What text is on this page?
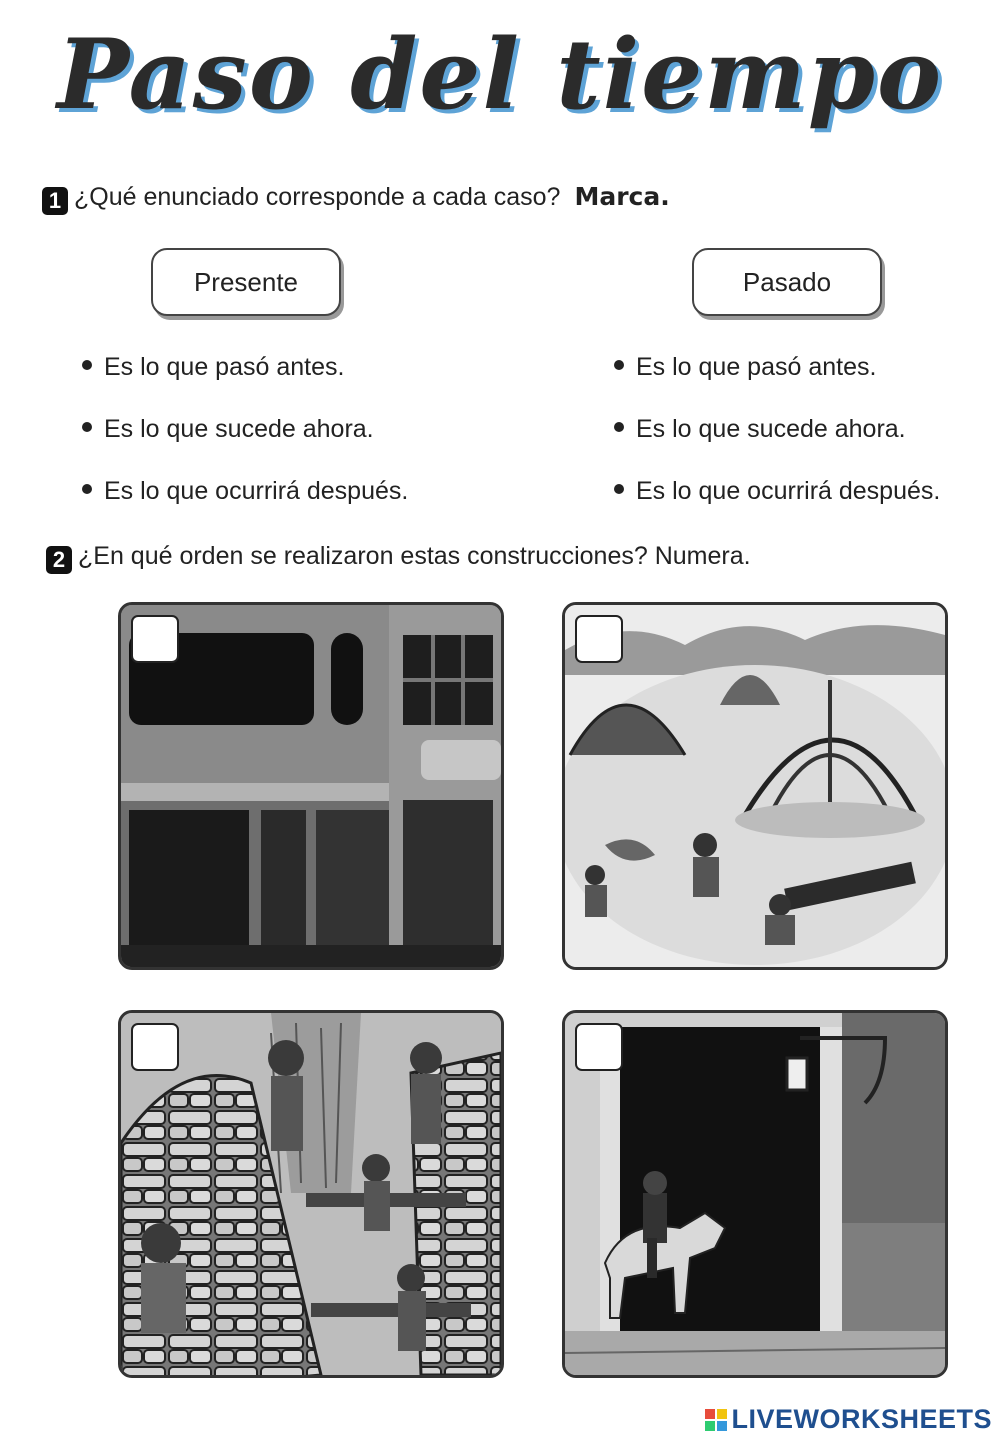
Paso del tiempo
1 ¿Qué enunciado corresponde a cada caso? Marca.
Presente	Pasado
Es lo que pasó antes.
Es lo que sucede ahora.
Es lo que ocurrirá después.
Es lo que pasó antes.
Es lo que sucede ahora.
Es lo que ocurrirá después.
2 ¿En qué orden se realizaron estas construcciones? Numera.
LIVEWORKSHEETS
